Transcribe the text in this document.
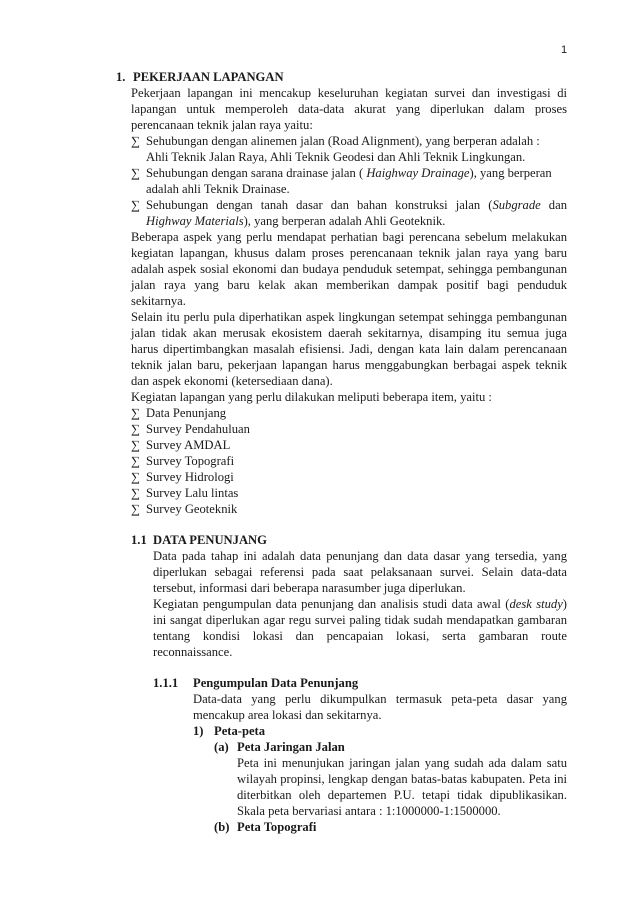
1
1. PEKERJAAN LAPANGAN
Pekerjaan lapangan ini mencakup keseluruhan kegiatan survei dan investigasi di
lapangan untuk memperoleh data-data akurat yang diperlukan dalam proses
perencanaan teknik jalan raya yaitu:
∑ Sehubungan dengan alinemen jalan (Road Alignment), yang berperan adalah :
Ahli Teknik Jalan Raya, Ahli Teknik Geodesi dan Ahli Teknik Lingkungan.
∑ Sehubungan dengan sarana drainase jalan ( Haighway Drainage), yang berperan
adalah ahli Teknik Drainase.
∑ Sehubungan dengan tanah dasar dan bahan konstruksi jalan (Subgrade dan
Highway Materials), yang berperan adalah Ahli Geoteknik.
Beberapa aspek yang perlu mendapat perhatian bagi perencana sebelum melakukan
kegiatan lapangan, khusus dalam proses perencanaan teknik jalan raya yang baru
adalah aspek sosial ekonomi dan budaya penduduk setempat, sehingga pembangunan
jalan raya yang baru kelak akan memberikan dampak positif bagi penduduk
sekitarnya.
Selain itu perlu pula diperhatikan aspek lingkungan setempat sehingga pembangunan
jalan tidak akan merusak ekosistem daerah sekitarnya, disamping itu semua juga
harus dipertimbangkan masalah efisiensi. Jadi, dengan kata lain dalam perencanaan
teknik jalan baru, pekerjaan lapangan harus menggabungkan berbagai aspek teknik
dan aspek ekonomi (ketersediaan dana).
Kegiatan lapangan yang perlu dilakukan meliputi beberapa item, yaitu :
∑ Data Penunjang
∑ Survey Pendahuluan
∑ Survey AMDAL
∑ Survey Topografi
∑ Survey Hidrologi
∑ Survey Lalu lintas
∑ Survey Geoteknik
1.1 DATA PENUNJANG
Data pada tahap ini adalah data penunjang dan data dasar yang tersedia, yang
diperlukan sebagai referensi pada saat pelaksanaan survei. Selain data-data
tersebut, informasi dari beberapa narasumber juga diperlukan.
Kegiatan pengumpulan data penunjang dan analisis studi data awal (desk study)
ini sangat diperlukan agar regu survei paling tidak sudah mendapatkan gambaran
tentang kondisi lokasi dan pencapaian lokasi, serta gambaran route
reconnaissance.
1.1.1 Pengumpulan Data Penunjang
Data-data yang perlu dikumpulkan termasuk peta-peta dasar yang
mencakup area lokasi dan sekitarnya.
1) Peta-peta
(a) Peta Jaringan Jalan
Peta ini menunjukan jaringan jalan yang sudah ada dalam satu
wilayah propinsi, lengkap dengan batas-batas kabupaten. Peta ini
diterbitkan oleh departemen P.U. tetapi tidak dipublikasikan.
Skala peta bervariasi antara : 1:1000000-1:1500000.
(b) Peta Topografi
